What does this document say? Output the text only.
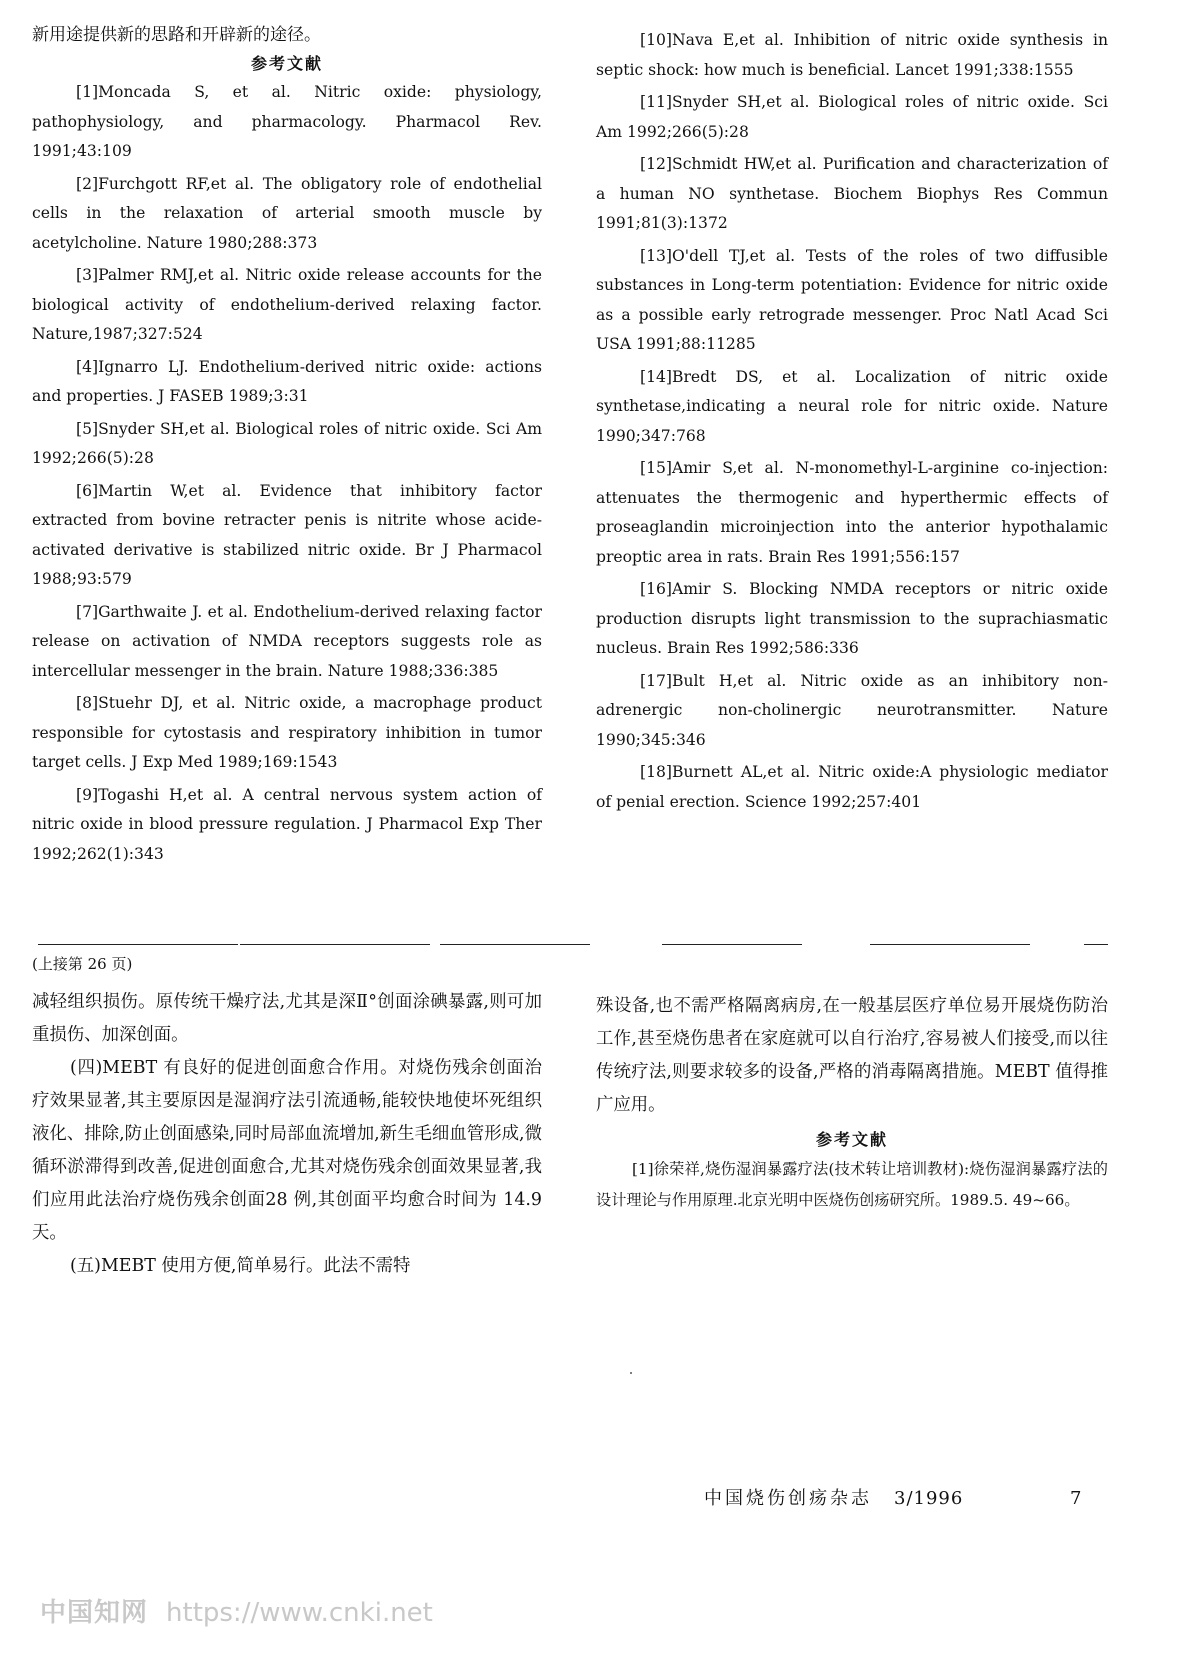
新用途提供新的思路和开辟新的途径。

参考文献

[1]Moncada S, et al. Nitric oxide: physiology, pathophysiology, and pharmacology. Pharmacol Rev. 1991;43:109

[2]Furchgott RF,et al. The obligatory role of endothelial cells in the relaxation of arterial smooth muscle by acetylcholine. Nature 1980;288:373

[3]Palmer RMJ,et al. Nitric oxide release accounts for the biological activity of endothelium-derived relaxing factor. Nature,1987;327:524

[4]Ignarro LJ. Endothelium-derived nitric oxide: actions and properties. J FASEB 1989;3:31

[5]Snyder SH,et al. Biological roles of nitric oxide. Sci Am 1992;266(5):28

[6]Martin W,et al. Evidence that inhibitory factor extracted from bovine retracter penis is nitrite whose acide-activated derivative is stabilized nitric oxide. Br J Pharmacol 1988;93:579

[7]Garthwaite J. et al. Endothelium-derived relaxing factor release on activation of NMDA receptors suggests role as intercellular messenger in the brain. Nature 1988;336:385

[8]Stuehr DJ, et al. Nitric oxide, a macrophage product responsible for cytostasis and respiratory inhibition in tumor target cells. J Exp Med 1989;169:1543

[9]Togashi H,et al. A central nervous system action of nitric oxide in blood pressure regulation. J Pharmacol Exp Ther 1992;262(1):343

[10]Nava E,et al. Inhibition of nitric oxide synthesis in septic shock: how much is beneficial. Lancet 1991;338:1555

[11]Snyder SH,et al. Biological roles of nitric oxide. Sci Am 1992;266(5):28

[12]Schmidt HW,et al. Purification and characterization of a human NO synthetase. Biochem Biophys Res Commun 1991;81(3):1372

[13]O'dell TJ,et al. Tests of the roles of two diffusible substances in Long-term potentiation: Evidence for nitric oxide as a possible early retrograde messenger. Proc Natl Acad Sci USA 1991;88:11285

[14]Bredt DS, et al. Localization of nitric oxide synthetase,indicating a neural role for nitric oxide. Nature 1990;347:768

[15]Amir S,et al. N-monomethyl-L-arginine co-injection: attenuates the thermogenic and hyperthermic effects of proseaglandin microinjection into the anterior hypothalamic preoptic area in rats. Brain Res 1991;556:157

[16]Amir S. Blocking NMDA receptors or nitric oxide production disrupts light transmission to the suprachiasmatic nucleus. Brain Res 1992;586:336

[17]Bult H,et al. Nitric oxide as an inhibitory non-adrenergic non-cholinergic neurotransmitter. Nature 1990;345:346

[18]Burnett AL,et al. Nitric oxide:A physiologic mediator of penial erection. Science 1992;257:401

(上接第 26 页)

减轻组织损伤。原传统干燥疗法,尤其是深Ⅱ°创面涂碘暴露,则可加重损伤、加深创面。

(四)MEBT 有良好的促进创面愈合作用。对烧伤残余创面治疗效果显著,其主要原因是湿润疗法引流通畅,能较快地使坏死组织液化、排除,防止创面感染,同时局部血流增加,新生毛细血管形成,微循环淤滞得到改善,促进创面愈合,尤其对烧伤残余创面效果显著,我们应用此法治疗烧伤残余创面28 例,其创面平均愈合时间为 14.9 天。

(五)MEBT 使用方便,简单易行。此法不需特

殊设备,也不需严格隔离病房,在一般基层医疗单位易开展烧伤防治工作,甚至烧伤患者在家庭就可以自行治疗,容易被人们接受,而以往传统疗法,则要求较多的设备,严格的消毒隔离措施。MEBT 值得推广应用。

参考文献

[1]徐荣祥,烧伤湿润暴露疗法(技术转让培训教材):烧伤湿润暴露疗法的设计理论与作用原理.北京光明中医烧伤创疡研究所。1989.5. 49~66。

中国烧伤创疡杂志 3/1996	7
中国知网 https://www.cnki.net
